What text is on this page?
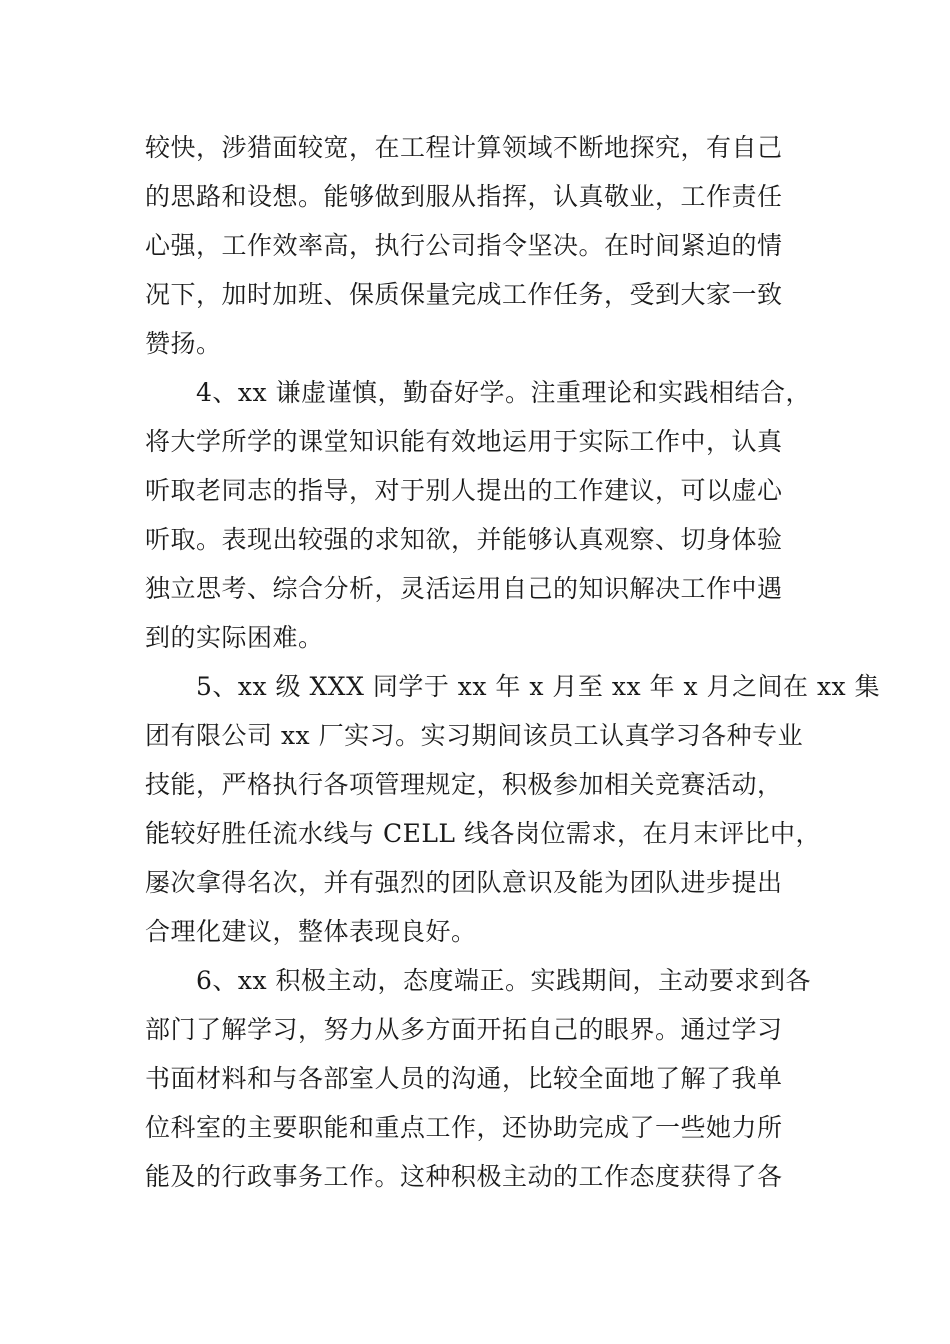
较快，涉猎面较宽，在工程计算领域不断地探究，有自己
的思路和设想。能够做到服从指挥，认真敬业，工作责任
心强，工作效率高，执行公司指令坚决。在时间紧迫的情
况下，加时加班、保质保量完成工作任务，受到大家一致
赞扬。
4、xx 谦虚谨慎，勤奋好学。注重理论和实践相结合，
将大学所学的课堂知识能有效地运用于实际工作中，认真
听取老同志的指导，对于别人提出的工作建议，可以虚心
听取。表现出较强的求知欲，并能够认真观察、切身体验
独立思考、综合分析，灵活运用自己的知识解决工作中遇
到的实际困难。
5、xx 级 XXX 同学于 xx 年 x 月至 xx 年 x 月之间在 xx 集
团有限公司 xx 厂实习。实习期间该员工认真学习各种专业
技能，严格执行各项管理规定，积极参加相关竞赛活动，
能较好胜任流水线与 CELL 线各岗位需求，在月末评比中，
屡次拿得名次，并有强烈的团队意识及能为团队进步提出
合理化建议，整体表现良好。
6、xx 积极主动，态度端正。实践期间，主动要求到各
部门了解学习，努力从多方面开拓自己的眼界。通过学习
书面材料和与各部室人员的沟通，比较全面地了解了我单
位科室的主要职能和重点工作，还协助完成了一些她力所
能及的行政事务工作。这种积极主动的工作态度获得了各
